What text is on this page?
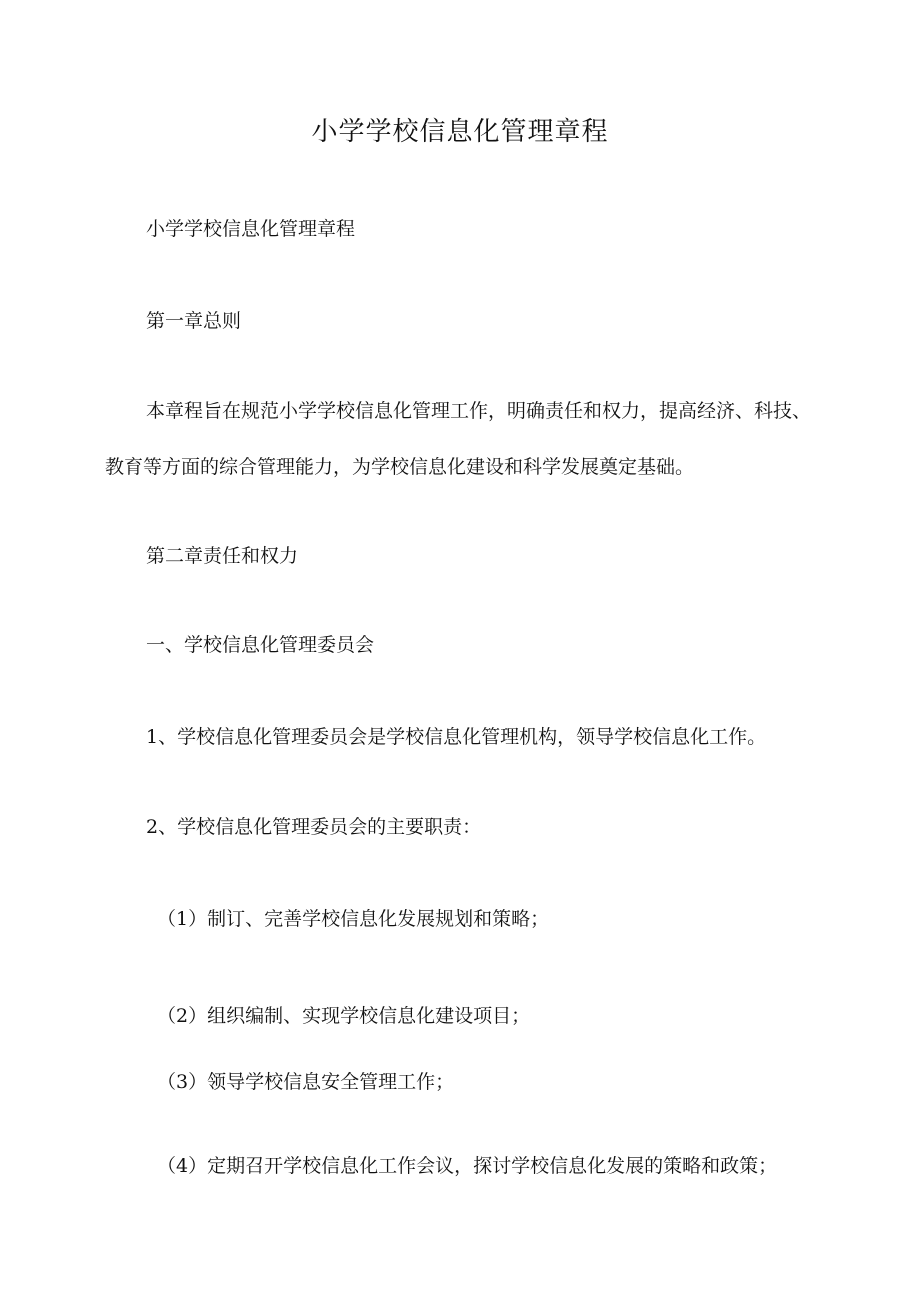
小学学校信息化管理章程

小学学校信息化管理章程

第一章总则

本章程旨在规范小学学校信息化管理工作，明确责任和权力，提高经济、科技、教育等方面的综合管理能力，为学校信息化建设和科学发展奠定基础。

第二章责任和权力

一、学校信息化管理委员会

1、学校信息化管理委员会是学校信息化管理机构，领导学校信息化工作。

2、学校信息化管理委员会的主要职责：

（1）制订、完善学校信息化发展规划和策略；

（2）组织编制、实现学校信息化建设项目；

（3）领导学校信息安全管理工作；

（4）定期召开学校信息化工作会议，探讨学校信息化发展的策略和政策；
